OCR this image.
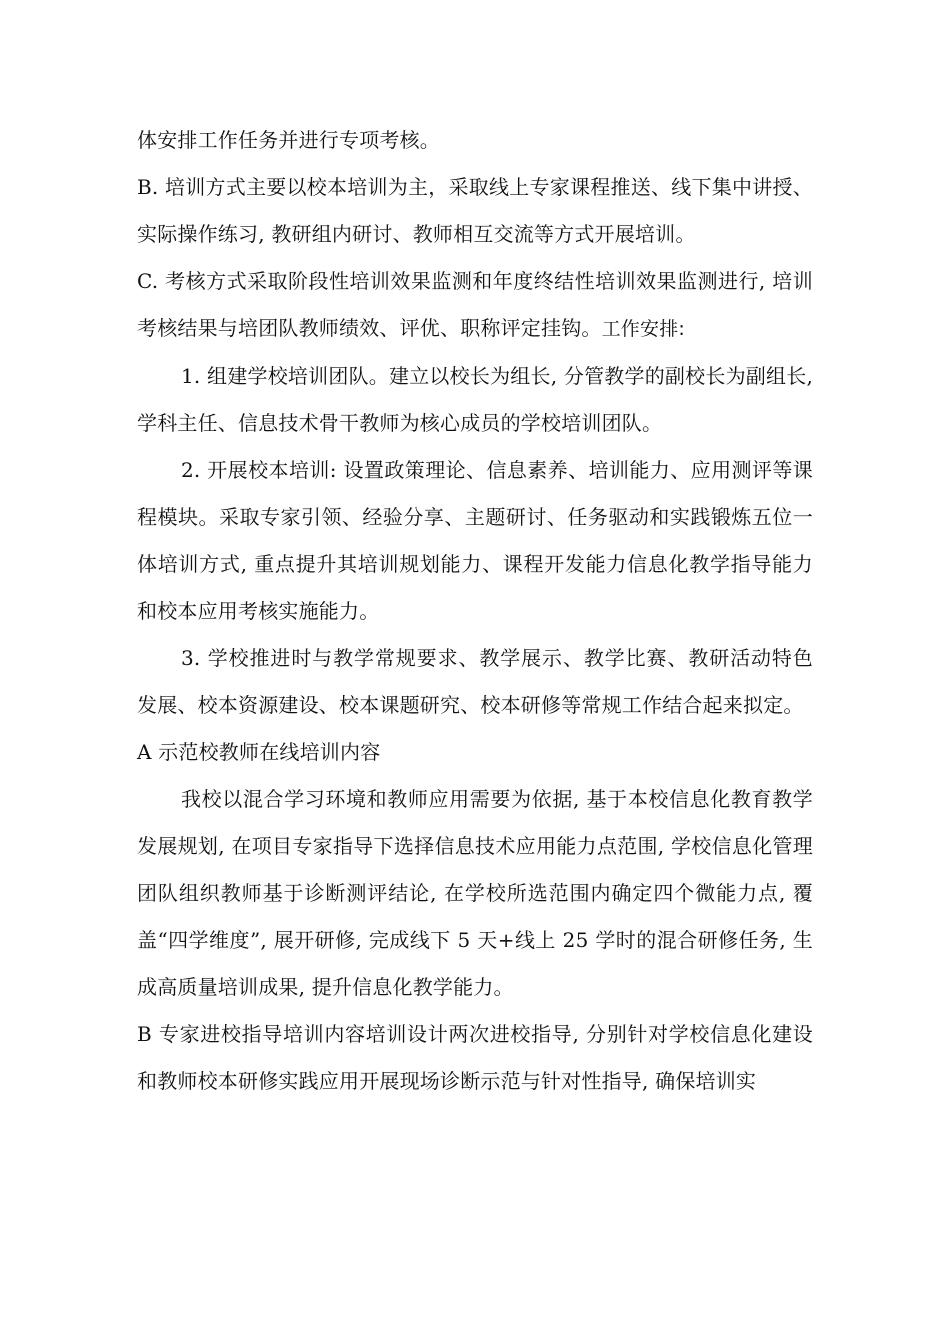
体安排工作任务并进行专项考核。

B. 培训方式主要以校本培训为主，采取线上专家课程推送、线下集中讲授、实际操作练习, 教研组内研讨、教师相互交流等方式开展培训。

C. 考核方式采取阶段性培训效果监测和年度终结性培训效果监测进行, 培训考核结果与培团队教师绩效、评优、职称评定挂钩。工作安排:

1. 组建学校培训团队。建立以校长为组长, 分管教学的副校长为副组长, 学科主任、信息技术骨干教师为核心成员的学校培训团队。

2. 开展校本培训: 设置政策理论、信息素养、培训能力、应用测评等课程模块。采取专家引领、经验分享、主题研讨、任务驱动和实践锻炼五位一体培训方式, 重点提升其培训规划能力、课程开发能力信息化教学指导能力和校本应用考核实施能力。

3. 学校推进时与教学常规要求、教学展示、教学比赛、教研活动特色发展、校本资源建设、校本课题研究、校本研修等常规工作结合起来拟定。

A 示范校教师在线培训内容

我校以混合学习环境和教师应用需要为依据, 基于本校信息化教育教学发展规划, 在项目专家指导下选择信息技术应用能力点范围, 学校信息化管理团队组织教师基于诊断测评结论, 在学校所选范围内确定四个微能力点, 覆盖“四学维度”, 展开研修, 完成线下 5 天+线上 25 学时的混合研修任务, 生成高质量培训成果, 提升信息化教学能力。

B 专家进校指导培训内容培训设计两次进校指导, 分别针对学校信息化建设和教师校本研修实践应用开展现场诊断示范与针对性指导, 确保培训实
